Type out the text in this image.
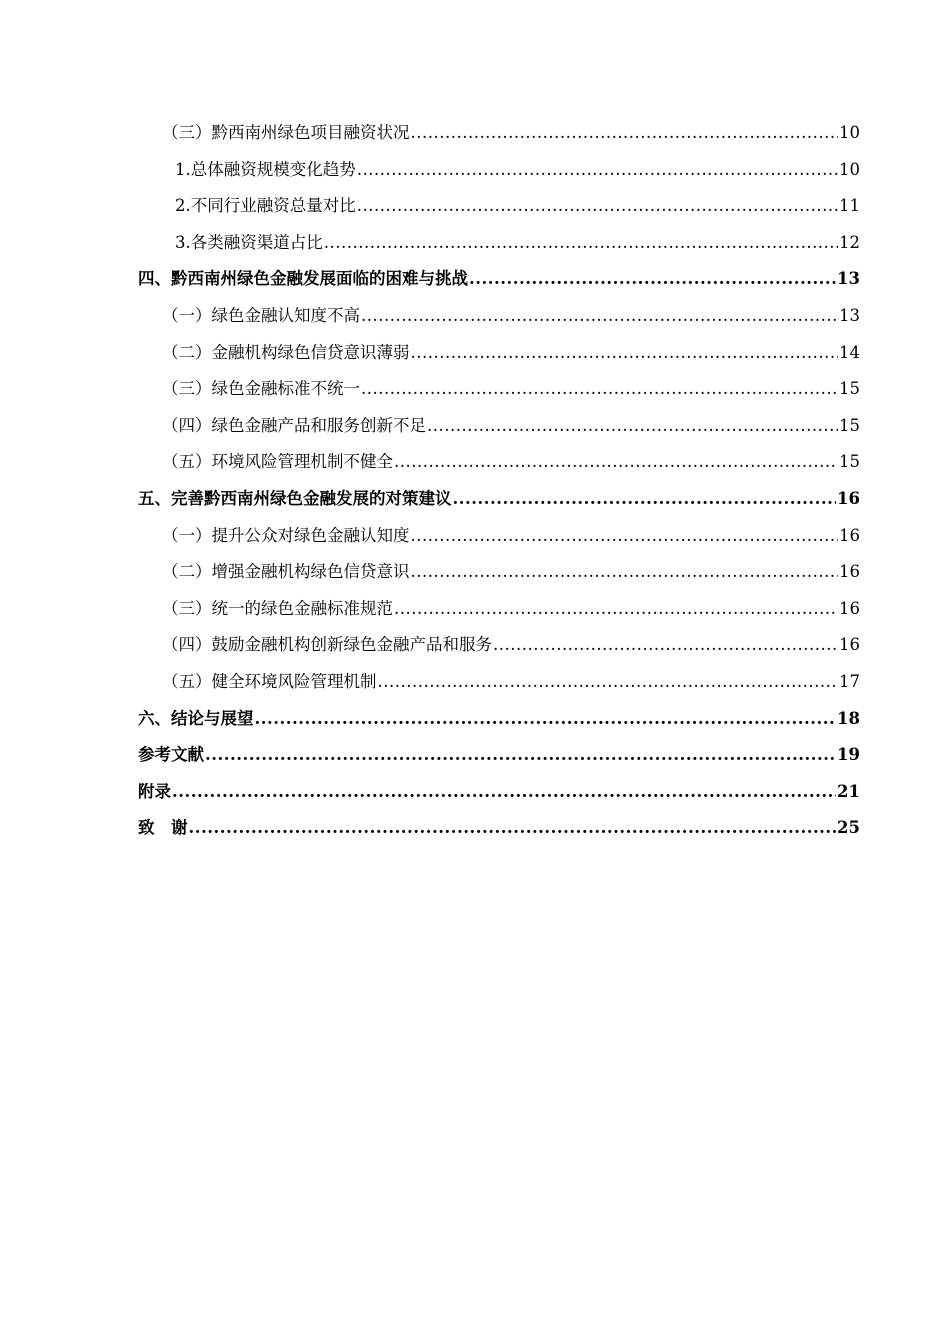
（三）黔西南州绿色项目融资状况 .....	10
1.总体融资规模变化趋势 .....	10
2.不同行业融资总量对比 .....	11
3.各类融资渠道占比 .....	12
四、黔西南州绿色金融发展面临的困难与挑战 .....	13
（一）绿色金融认知度不高 .....	13
（二）金融机构绿色信贷意识薄弱 .....	14
（三）绿色金融标准不统一 .....	15
（四）绿色金融产品和服务创新不足 .....	15
（五）环境风险管理机制不健全 .....	15
五、完善黔西南州绿色金融发展的对策建议 .....	16
（一）提升公众对绿色金融认知度 .....	16
（二）增强金融机构绿色信贷意识 .....	16
（三）统一的绿色金融标准规范 .....	16
（四）鼓励金融机构创新绿色金融产品和服务 .....	16
（五）健全环境风险管理机制 .....	17
六、结论与展望 .....	18
参考文献 .....	19
附录 .....	21
致　谢 .....	25
